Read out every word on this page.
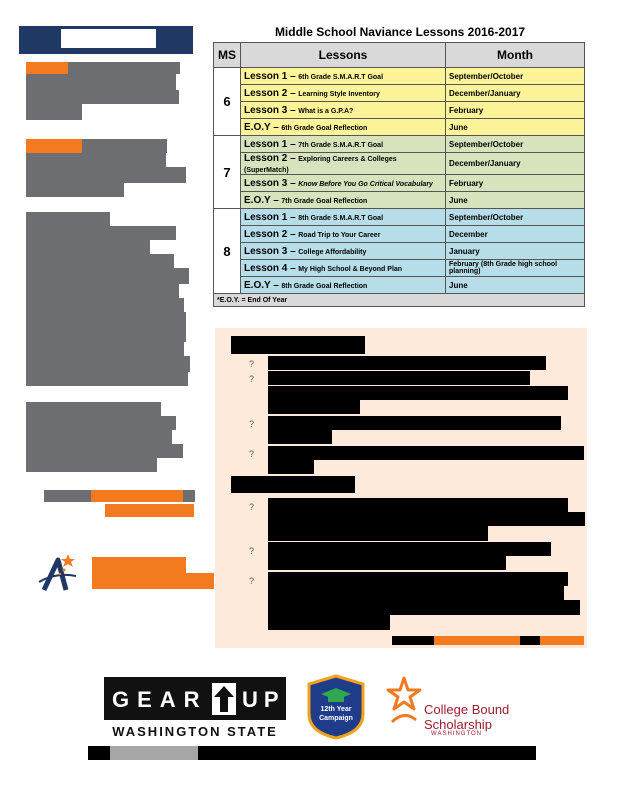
Middle School Naviance Lessons 2016-2017
MS	Lessons	Month
6	Lesson 1 – 6th Grade S.M.A.R.T Goal	September/October
	Lesson 2 – Learning Style Inventory	December/January
	Lesson 3 – What is a G.P.A?	February
	E.O.Y – 6th Grade Goal Reflection	June
7	Lesson 1 – 7th Grade S.M.A.R.T Goal	September/October
	Lesson 2 – Exploring Careers & Colleges (SuperMatch)	December/January
	Lesson 3 – Know Before You Go Critical Vocabulary	February
	E.O.Y – 7th Grade Goal Reflection	June
8	Lesson 1 – 8th Grade S.M.A.R.T Goal	September/October
	Lesson 2 – Road Trip to Your Career	December
	Lesson 3 – College Affordability	January
	Lesson 4 – My High School & Beyond Plan	February (8th Grade high school planning)
	E.O.Y – 8th Grade Goal Reflection	June
*E.O.Y. = End Of Year		
?
?
?
?
?
?
?
GEAR UP
WASHINGTON STATE
12th Year
Campaign
College Bound
Scholarship
WASHINGTON
